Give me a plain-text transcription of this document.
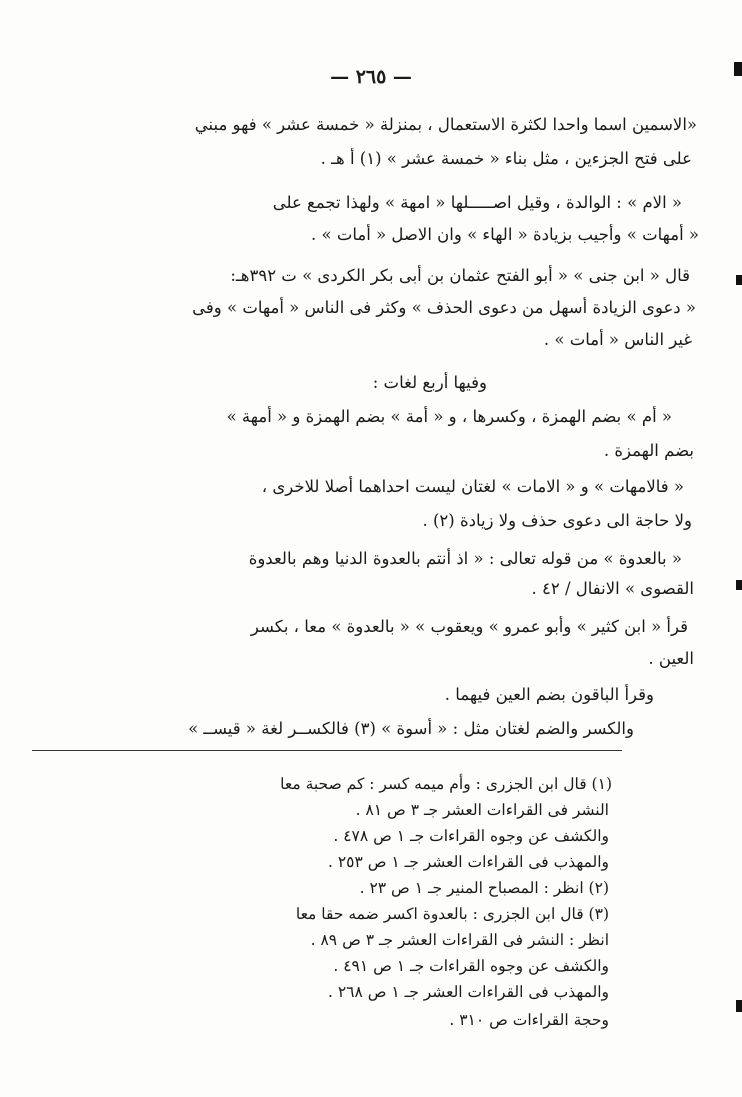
— ٢٦٥ —
«الاسمين اسما واحدا لكثرة الاستعمال ، بمنزلة « خمسة عشر » فهو مبني
على فتح الجزءين ، مثل بناء « خمسة عشر » (١) أ هـ .
« الام » : الوالدة ، وقيل اصـــــلها « امهة » ولهذا تجمع على
« أمهات » وأجيب بزيادة « الهاء » وان الاصل « أمات » .
قال « ابن جنى » « أبو الفتح عثمان بن أبى بكر الكردى » ت ٣٩٢هـ:
« دعوى الزيادة أسهل من دعوى الحذف » وكثر فى الناس « أمهات » وفى
غير الناس « أمات » .
وفيها أربع لغات :
« أم » بضم الهمزة ، وكسرها ، و « أمة » بضم الهمزة و « أمهة »
بضم الهمزة .
« فالامهات » و « الامات » لغتان ليست احداهما أصلا للاخرى ،
ولا حاجة الى دعوى حذف ولا زيادة (٢) .
« بالعدوة » من قوله تعالى : « اذ أنتم بالعدوة الدنيا وهم بالعدوة
القصوى » الانفال / ٤٢ .
قرأ « ابن كثير » وأبو عمرو » ويعقوب » « بالعدوة » معا ، بكسر
العين .
وقرأ الباقون بضم العين فيهما .
والكسر والضم لغتان مثل : « أسوة » (٣) فالكســر لغة « قيســ »
(١) قال ابن الجزرى : وأم ميمه كسر : كم صحبة معا
النشر فى القراءات العشر جـ ٣ ص ٨١ .
والكشف عن وجوه القراءات جـ ١ ص ٤٧٨ .
والمهذب فى القراءات العشر جـ ١ ص ٢٥٣ .
(٢) انظر : المصباح المنير جـ ١ ص ٢٣ .
(٣) قال ابن الجزرى : بالعدوة اكسر ضمه حقا معا
انظر : النشر فى القراءات العشر جـ ٣ ص ٨٩ .
والكشف عن وجوه القراءات جـ ١ ص ٤٩١ .
والمهذب فى القراءات العشر جـ ١ ص ٢٦٨ .
وحجة القراءات ص ٣١٠ .
